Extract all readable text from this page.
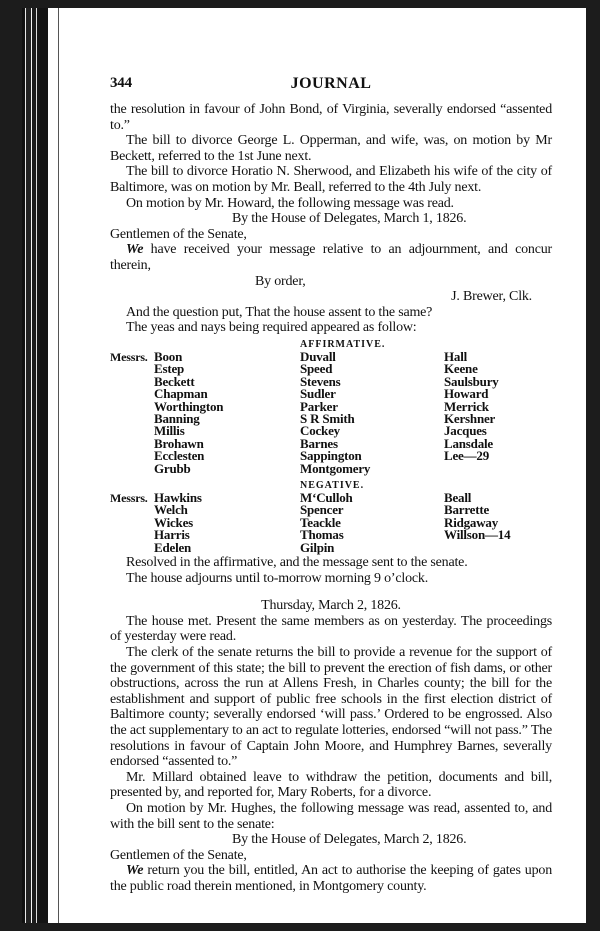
344	JOURNAL

the resolution in favour of John Bond, of Virginia, severally endorsed “assented to.”

The bill to divorce George L. Opperman, and wife, was, on motion by Mr Beckett, referred to the 1st June next.

The bill to divorce Horatio N. Sherwood, and Elizabeth his wife of the city of Baltimore, was on motion by Mr. Beall, referred to the 4th July next.

On motion by Mr. Howard, the following message was read.

By the House of Delegates, March 1, 1826.

Gentlemen of the Senate,

We have received your message relative to an adjournment, and concur therein,

By order,

J. Brewer, Clk.

And the question put, That the house assent to the same?

The yeas and nays being required appeared as follow:

AFFIRMATIVE.
Messrs. Boon
Estep
Beckett
Chapman
Worthington
Banning
Millis
Brohawn
Ecclesten
Grubb
Duvall
Speed
Stevens
Sudler
Parker
S R Smith
Cockey
Barnes
Sappington
Montgomery
Hall
Keene
Saulsbury
Howard
Merrick
Kershner
Jacques
Lansdale
Lee—29
NEGATIVE.
Messrs. Hawkins
Welch
Wickes
Harris
Edelen
M‘Culloh
Spencer
Teackle
Thomas
Gilpin
Beall
Barrette
Ridgaway
Willson—14

Resolved in the affirmative, and the message sent to the senate.

The house adjourns until to-morrow morning 9 o’clock.

Thursday, March 2, 1826.

The house met. Present the same members as on yesterday. The proceedings of yesterday were read.

The clerk of the senate returns the bill to provide a revenue for the support of the government of this state; the bill to prevent the erection of fish dams, or other obstructions, across the run at Allens Fresh, in Charles county; the bill for the establishment and support of public free schools in the first election district of Baltimore county; severally endorsed ‘will pass.’ Ordered to be engrossed. Also the act supplementary to an act to regulate lotteries, endorsed “will not pass.” The resolutions in favour of Captain John Moore, and Humphrey Barnes, severally endorsed “assented to.”

Mr. Millard obtained leave to withdraw the petition, documents and bill, presented by, and reported for, Mary Roberts, for a divorce.

On motion by Mr. Hughes, the following message was read, assented to, and with the bill sent to the senate:

By the House of Delegates, March 2, 1826.

Gentlemen of the Senate,

We return you the bill, entitled, An act to authorise the keeping of gates upon the public road therein mentioned, in Montgomery county.
